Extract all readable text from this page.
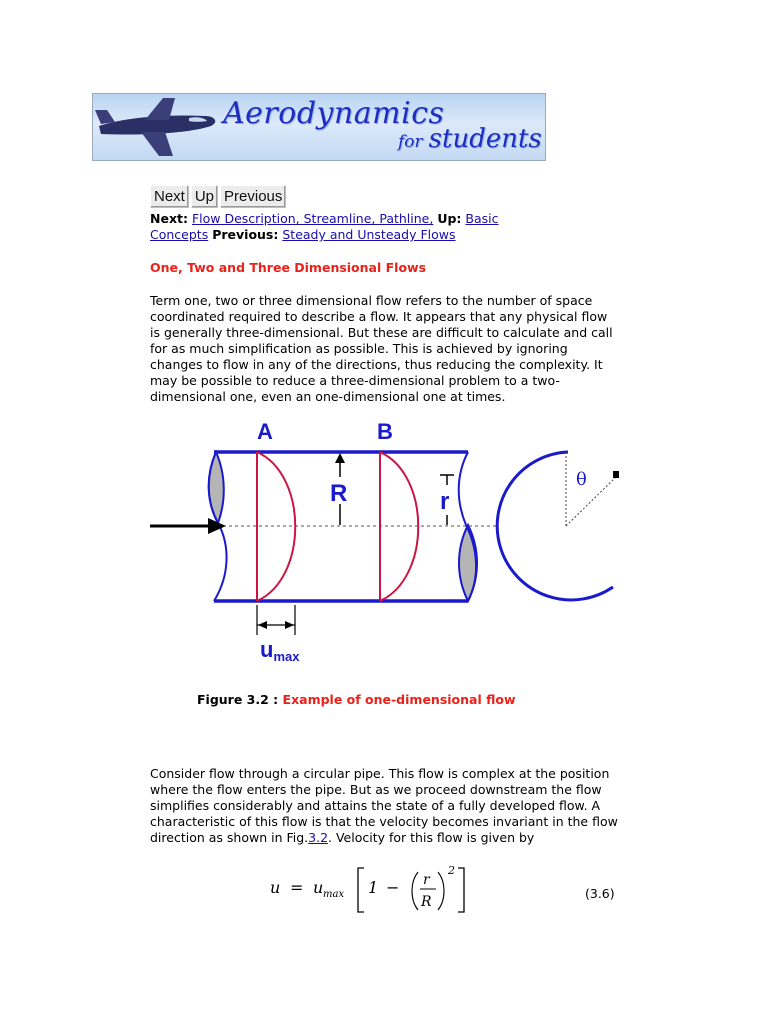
Aerodynamics
for students
Next Up Previous
Next: Flow Description, Streamline, Pathline, Up: Basic Concepts Previous: Steady and Unsteady Flows
One, Two and Three Dimensional Flows
Term one, two or three dimensional flow refers to the number of space coordinated required to describe a flow. It appears that any physical flow is generally three-dimensional. But these are difficult to calculate and call for as much simplification as possible. This is achieved by ignoring changes to flow in any of the directions, thus reducing the complexity. It may be possible to reduce a three-dimensional problem to a two-dimensional one, even an one-dimensional one at times.
R	r
A	B
umax
θ
Figure 3.2 : Example of one-dimensional flow
Consider flow through a circular pipe. This flow is complex at the position where the flow enters the pipe. But as we proceed downstream the flow simplifies considerably and attains the state of a fully developed flow. A characteristic of this flow is that the velocity becomes invariant in the flow direction as shown in Fig.3.2. Velocity for this flow is given by
u = u max 1 − r
R
2
(3.6)
